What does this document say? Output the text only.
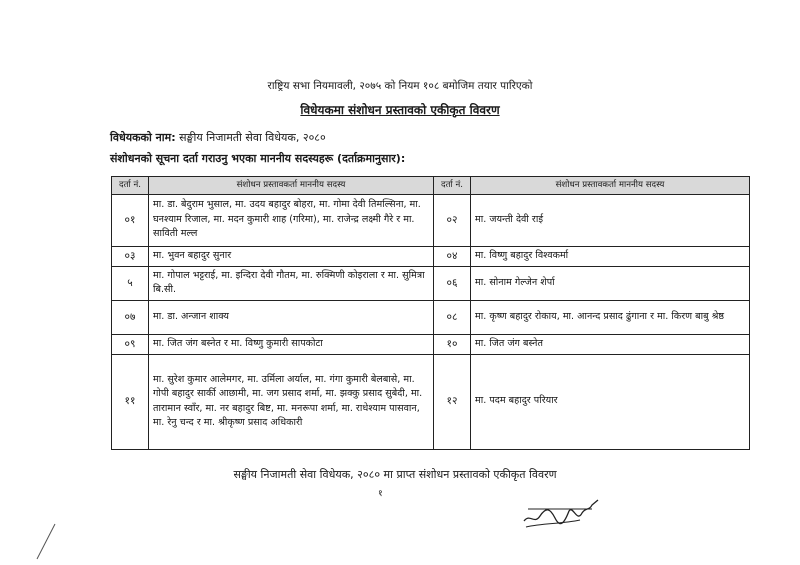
राष्ट्रिय सभा नियमावली, २०७५ को नियम १०८ बमोजिम तयार पारिएको
विधेयकमा संशोधन प्रस्तावको एकीकृत विवरण
विधेयकको नाम: सङ्घीय निजामती सेवा विधेयक, २०८०
संशोधनको सूचना दर्ता गराउनु भएका माननीय सदस्यहरू (दर्ताक्रमानुसार):
दर्ता नं.	संशोधन प्रस्तावकर्ता माननीय सदस्य	दर्ता नं.	संशोधन प्रस्तावकर्ता माननीय सदस्य
०१	मा. डा. बेदुराम भुसाल, मा. उदय बहादुर बोहरा, मा. गोमा देवी तिमल्सिना, मा. घनश्याम रिजाल, मा. मदन कुमारी शाह (गरिमा), मा. राजेन्द्र लक्ष्मी गैरे र मा. साविती मल्ल	०२	मा. जयन्ती देवी राई
०३	मा. भुवन बहादुर सुनार	०४	मा. विष्णु बहादुर विश्वकर्मा
५	मा. गोपाल भट्टराई, मा. इन्दिरा देवी गौतम, मा. रुक्मिणी कोइराला र मा. सुमित्रा बि.सी.	०६	मा. सोनाम गेल्जेन शेर्पा
०७	मा. डा. अन्जान शाक्य	०८	मा. कृष्ण बहादुर रोकाय, मा. आनन्द प्रसाद ढुंगाना र मा. किरण बाबु श्रेष्ठ
०९	मा. जित जंग बस्नेत र मा. विष्णु कुमारी सापकोटा	१०	मा. जित जंग बस्नेत
११	मा. सुरेश कुमार आलेमगर, मा. उर्मिला अर्याल, मा. गंगा कुमारी बेलबासे, मा. गोपी बहादुर सार्की आछामी, मा. जग प्रसाद शर्मा, मा. झक्कु प्रसाद सुबेदी, मा. तारामान स्वाँर, मा. नर बहादुर बिष्ट, मा. मनरूपा शर्मा, मा. राधेश्याम पासवान, मा. रेनु चन्द र मा. श्रीकृष्ण प्रसाद अधिकारी	१२	मा. पदम बहादुर परियार
सङ्घीय निजामती सेवा विधेयक, २०८० मा प्राप्त संशोधन प्रस्तावको एकीकृत विवरण
१
